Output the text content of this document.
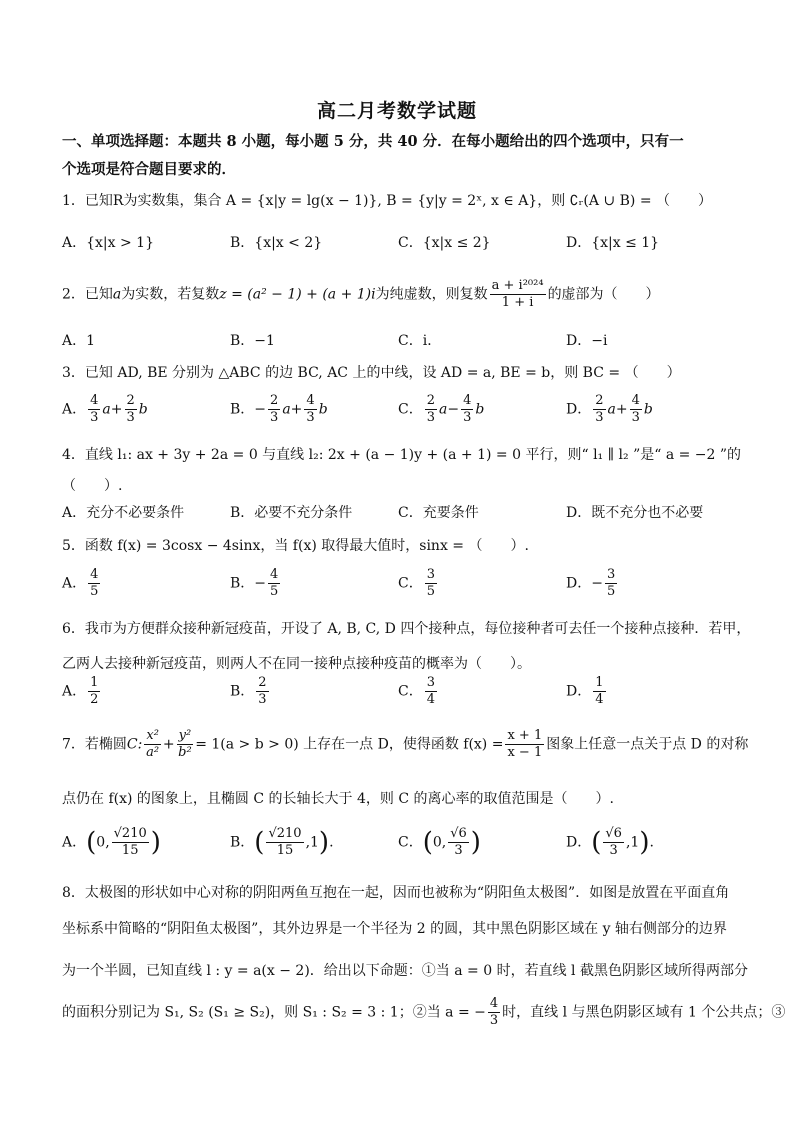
高二月考数学试题
一、单项选择题：本题共 8 小题，每小题 5 分，共 40 分．在每小题给出的四个选项中，只有一
个选项是符合题目要求的．
1．已知R为实数集，集合 A = {x|y = lg(x − 1)}, B = {y|y = 2ˣ, x ∈ A}，则 ∁ᵣ(A ∪ B) = （　　）
A．{x|x > 1}	B．{x|x < 2}	C．{x|x ≤ 2}	D．{x|x ≤ 1}
2．已知a为实数，若复数z = (a² − 1) + (a + 1)i为纯虚数，则复数 $\frac{\text{a + i²⁰²⁴}}{1 + i}$ 的虚部为（　　）
A．1	B．−1	C．i．	D．−i
3．已知 AD, BE 分别为 △ABC 的边 BC, AC 上的中线，设 AD = a, BE = b，则 BC = （　　）
A． $\frac{4}{3} a+ \frac{2}{3}$ b	B．− $\frac{2}{3} a+ \frac{4}{3}$ b	C． $\frac{2}{3} a- \frac{4}{3}$ b	D． $\frac{2}{3} a+ \frac{4}{3}$ b
4．直线 l₁: ax + 3y + 2a = 0 与直线 l₂: 2x + (a − 1)y + (a + 1) = 0 平行，则“ l₁ ∥ l₂ ”是“ a = −2 ”的
（　　）.
A．充分不必要条件	B．必要不充分条件	C．充要条件	D．既不充分也不必要
5．函数 f(x) = 3cosx − 4sinx，当 f(x) 取得最大值时，sinx = （　　）.
A． $\frac{4}{5}$	B．− $\frac{4}{5}$	C． $\frac{3}{5}$	D．− $\frac{3}{5}$
6．我市为方便群众接种新冠疫苗，开设了 A, B, C, D 四个接种点，每位接种者可去任一个接种点接种．若甲，
乙两人去接种新冠疫苗，则两人不在同一接种点接种疫苗的概率为（　　）。
A． $\frac{1}{2}$	B． $\frac{2}{3}$	C． $\frac{3}{4}$	D． $\frac{1}{4}$
7．若椭圆C: $\frac{\text{x²}}{\text{a²}} + \frac{\text{y²}}{\text{b²}} = 1(a > b > 0)$ 上存在一点 D，使得函数 $f(x) = \frac{x + 1}{x - 1}$ 图象上任意一点关于点 D 的对称
点仍在 f(x) 的图象上，且椭圆 C 的长轴长大于 4，则 C 的离心率的取值范围是（　　）.
A．(0, $\frac{√210}{15}$ )	B．( $\frac{√210}{15} ,1$).	C．(0, $\frac{√6}{3}$ )	D．( $\frac{√6}{3} ,1$).
8．太极图的形状如中心对称的阴阳两鱼互抱在一起，因而也被称为“阴阳鱼太极图”．如图是放置在平面直角
坐标系中简略的“阴阳鱼太极图”，其外边界是一个半径为 2 的圆，其中黑色阴影区域在 y 轴右侧部分的边界
为一个半圆，已知直线 l : y = a(x − 2)．给出以下命题：①当 a = 0 时，若直线 l 截黑色阴影区域所得两部分
的面积分别记为 S₁, S₂ (S₁ ≥ S₂)，则 S₁ : S₂ = 3 : 1；②当 a = − $\frac{4}{3}$ 时，直线 l 与黑色阴影区域有 1 个公共点；③
